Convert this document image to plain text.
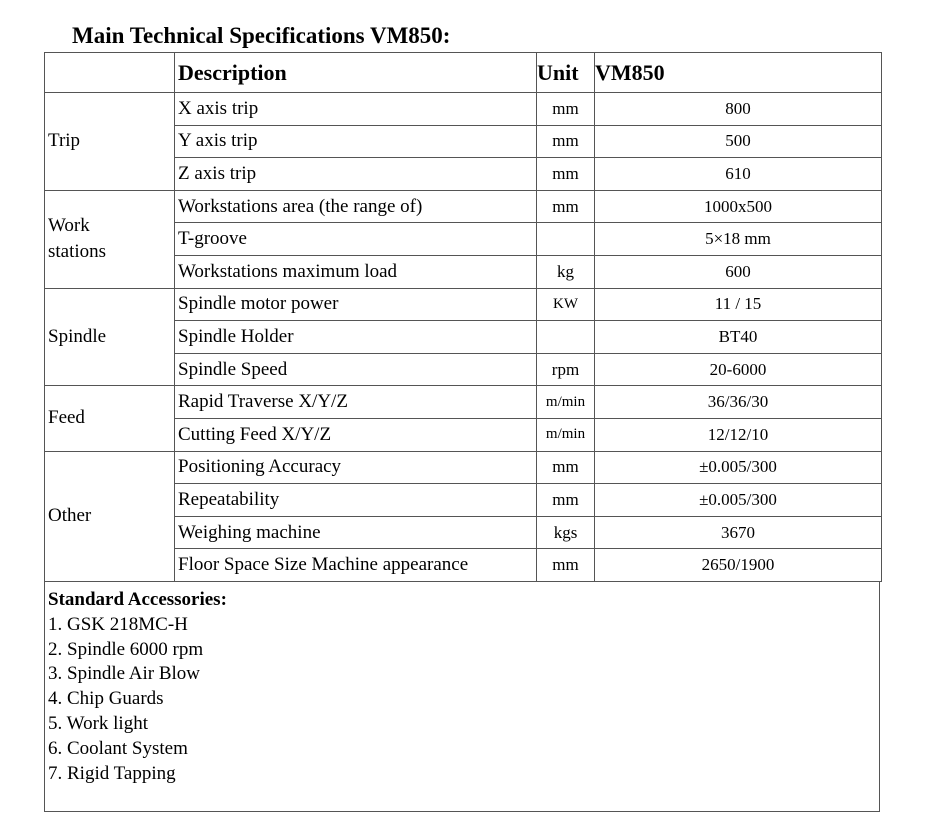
Main Technical Specifications VM850:
	Description	Unit	VM850

Trip	X axis trip	mm	800
	Y axis trip	mm	500
	Z axis trip	mm	610

Work
stations	Workstations area (the range of)	mm	1000x500
	T-groove		5×18 mm
	Workstations maximum load	kg	600

Spindle	Spindle motor power	KW	11 / 15
	Spindle Holder		BT40
	Spindle Speed	rpm	20-6000

Feed	Rapid Traverse X/Y/Z	m/min	36/36/30
	Cutting Feed X/Y/Z	m/min	12/12/10

Other	Positioning Accuracy	mm	±0.005/300
	Repeatability	mm	±0.005/300
	Weighing machine	kgs	3670
	Floor Space Size Machine appearance	mm	2650/1900
Standard Accessories:
1. GSK 218MC-H
2. Spindle 6000 rpm
3. Spindle Air Blow
4. Chip Guards
5. Work light
6. Coolant System
7. Rigid Tapping
